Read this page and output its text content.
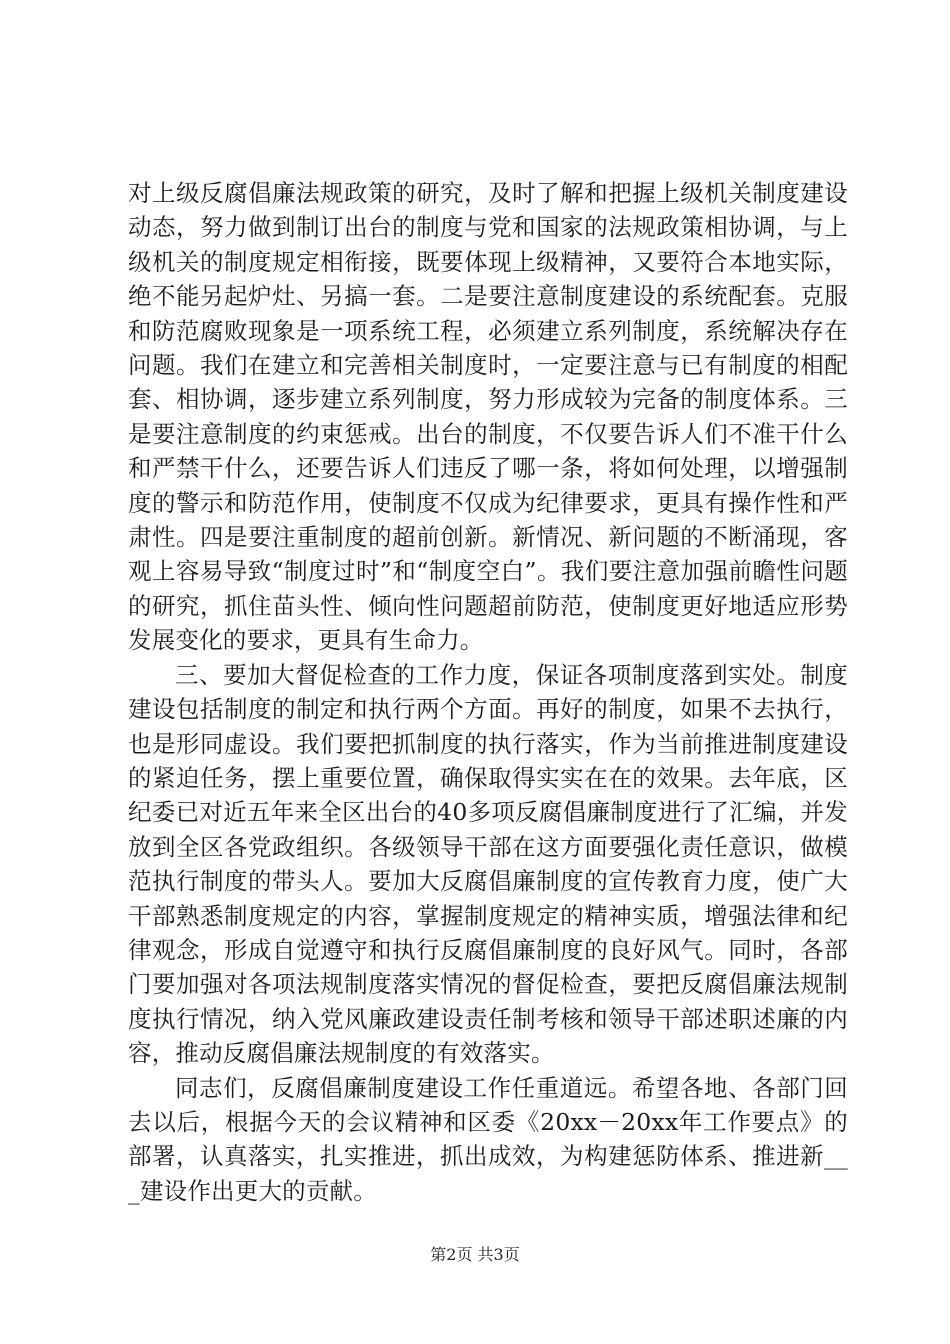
对上级反腐倡廉法规政策的研究，及时了解和把握上级机关制度建设动态，努力做到制订出台的制度与党和国家的法规政策相协调，与上级机关的制度规定相衔接，既要体现上级精神，又要符合本地实际，绝不能另起炉灶、另搞一套。二是要注意制度建设的系统配套。克服和防范腐败现象是一项系统工程，必须建立系列制度，系统解决存在问题。我们在建立和完善相关制度时，一定要注意与已有制度的相配套、相协调，逐步建立系列制度，努力形成较为完备的制度体系。三是要注意制度的约束惩戒。出台的制度，不仅要告诉人们不准干什么和严禁干什么，还要告诉人们违反了哪一条，将如何处理，以增强制度的警示和防范作用，使制度不仅成为纪律要求，更具有操作性和严肃性。四是要注重制度的超前创新。新情况、新问题的不断涌现，客观上容易导致“制度过时”和“制度空白”。我们要注意加强前瞻性问题的研究，抓住苗头性、倾向性问题超前防范，使制度更好地适应形势发展变化的要求，更具有生命力。

三、要加大督促检查的工作力度，保证各项制度落到实处。制度建设包括制度的制定和执行两个方面。再好的制度，如果不去执行，也是形同虚设。我们要把抓制度的执行落实，作为当前推进制度建设的紧迫任务，摆上重要位置，确保取得实实在在的效果。去年底，区纪委已对近五年来全区出台的40多项反腐倡廉制度进行了汇编，并发放到全区各党政组织。各级领导干部在这方面要强化责任意识，做模范执行制度的带头人。要加大反腐倡廉制度的宣传教育力度，使广大干部熟悉制度规定的内容，掌握制度规定的精神实质，增强法律和纪律观念，形成自觉遵守和执行反腐倡廉制度的良好风气。同时，各部门要加强对各项法规制度落实情况的督促检查，要把反腐倡廉法规制度执行情况，纳入党风廉政建设责任制考核和领导干部述职述廉的内容，推动反腐倡廉法规制度的有效落实。

同志们，反腐倡廉制度建设工作任重道远。希望各地、各部门回去以后，根据今天的会议精神和区委《20xx－20xx年工作要点》的部署，认真落实，扎实推进，抓出成效，为构建惩防体系、推进新___建设作出更大的贡献。

第2页 共3页
